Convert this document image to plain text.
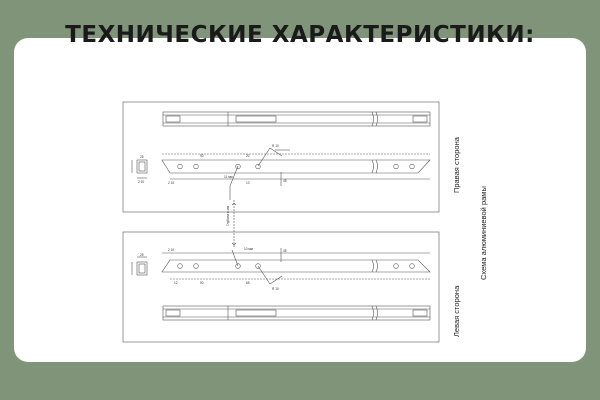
ТЕХНИЧЕСКИЕ ХАРАКТЕРИСТИКИ:
25
2 10	2 10
90	20
45
13
11 мм
R 10
25
2 10
90	65
45
12
10 мм
R 10
Глубина в мм
Правая сторона
Левая сторона
Схема алюминиевой рамы
